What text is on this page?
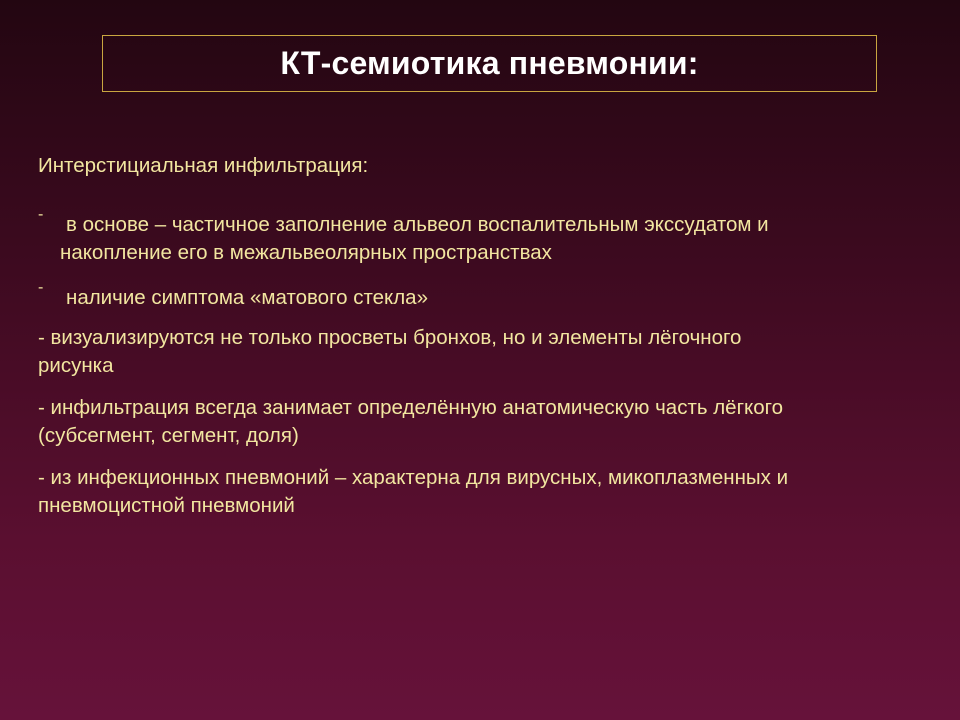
КТ-семиотика пневмонии:
Интерстициальная инфильтрация:
- в основе – частичное заполнение альвеол воспалительным экссудатом и
накопление его в межальвеолярных пространствах
- наличие симптома «матового стекла»
- визуализируются не только просветы бронхов, но и элементы лёгочного
рисунка
- инфильтрация всегда занимает определённую анатомическую часть лёгкого
(субсегмент, сегмент, доля)
- из инфекционных пневмоний – характерна для вирусных, микоплазменных и
пневмоцистной пневмоний
